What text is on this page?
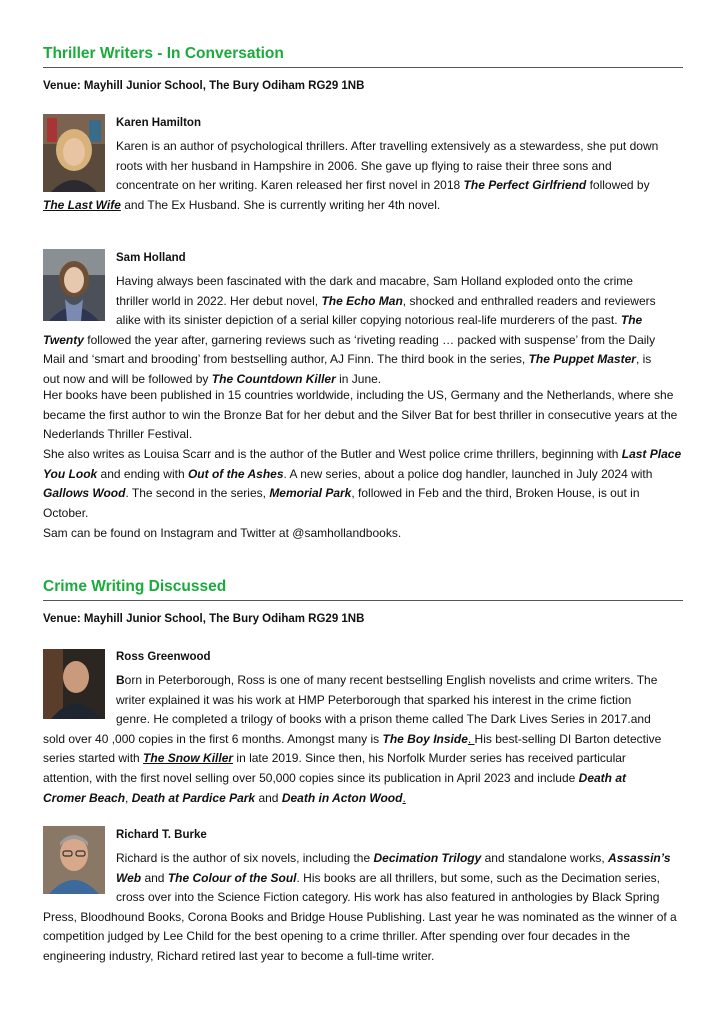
Thriller Writers - In Conversation
Venue: Mayhill Junior School, The Bury Odiham RG29 1NB
Karen Hamilton
Karen is an author of psychological thrillers. After travelling extensively as a stewardess, she put down
roots with her husband in Hampshire in 2006. She gave up flying to raise their three sons and
concentrate on her writing. Karen released her first novel in 2018 The Perfect Girlfriend followed by
The Last Wife and The Ex Husband. She is currently writing her 4th novel.
Sam Holland
Having always been fascinated with the dark and macabre, Sam Holland exploded onto the crime
thriller world in 2022. Her debut novel, The Echo Man, shocked and enthralled readers and reviewers
alike with its sinister depiction of a serial killer copying notorious real-life murderers of the past. The
Twenty followed the year after, garnering reviews such as ‘riveting reading … packed with suspense’ from the Daily
Mail and ‘smart and brooding’ from bestselling author, AJ Finn. The third book in the series, The Puppet Master, is
out now and will be followed by The Countdown Killer in June.
Her books have been published in 15 countries worldwide, including the US, Germany and the Netherlands, where she became the first author to win the Bronze Bat for her debut and the Silver Bat for best thriller in consecutive years at the Nederlands Thriller Festival.
She also writes as Louisa Scarr and is the author of the Butler and West police crime thrillers, beginning with Last Place You Look and ending with Out of the Ashes. A new series, about a police dog handler, launched in July 2024 with Gallows Wood. The second in the series, Memorial Park, followed in Feb and the third, Broken House, is out in October.
Sam can be found on Instagram and Twitter at @samhollandbooks.
Crime Writing Discussed
Venue: Mayhill Junior School, The Bury Odiham RG29 1NB
Ross Greenwood
Born in Peterborough, Ross is one of many recent bestselling English novelists and crime writers. The
writer explained it was his work at HMP Peterborough that sparked his interest in the crime fiction
genre. He completed a trilogy of books with a prison theme called The Dark Lives Series in 2017.and
sold over 40 ,000 copies in the first 6 months. Amongst many is The Boy Inside. His best-selling DI Barton detective
series started with The Snow Killer in late 2019. Since then, his Norfolk Murder series has received particular
attention, with the first novel selling over 50,000 copies since its publication in April 2023 and include Death at
Cromer Beach, Death at Pardice Park and Death in Acton Wood.
Richard T. Burke
Richard is the author of six novels, including the Decimation Trilogy and standalone works, Assassin’s
Web and The Colour of the Soul. His books are all thrillers, but some, such as the Decimation series,
cross over into the Science Fiction category. His work has also featured in anthologies by Black Spring
Press, Bloodhound Books, Corona Books and Bridge House Publishing. Last year he was nominated as the winner of a
competition judged by Lee Child for the best opening to a crime thriller. After spending over four decades in the
engineering industry, Richard retired last year to become a full-time writer.
